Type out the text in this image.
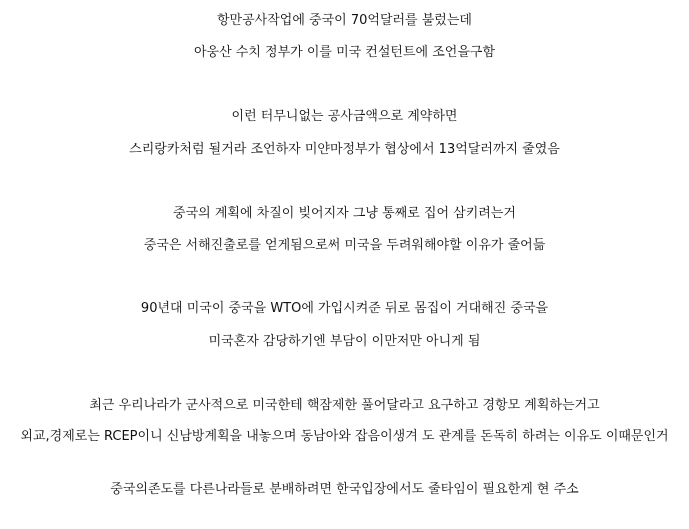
항만공사작업에 중국이 70억달러를 불렀는데
아웅산 수치 정부가 이를 미국 컨설턴트에 조언을구함
이런 터무니없는 공사금액으로 계약하면
스리랑카처럼 될거라 조언하자 미얀마정부가 협상에서 13억달러까지 줄였음
중국의 계획에 차질이 빚어지자 그냥 통째로 집어 삼키려는거
중국은 서해진출로를 얻게됨으로써 미국을 두려워해야할 이유가 줄어듦
90년대 미국이 중국을 WTO에 가입시켜준 뒤로 몸집이 거대해진 중국을
미국혼자 감당하기엔 부담이 이만저만 아니게 됨
최근 우리나라가 군사적으로 미국한테 핵잠제한 풀어달라고 요구하고 경항모 계획하는거고
외교,경제로는 RCEP이니 신남방계획을 내놓으며 동남아와 잡음이생겨 도 관계를 돈독히 하려는 이유도 이때문인거
중국의존도를 다른나라들로 분배하려면 한국입장에서도 줄타임이 필요한게 현 주소
